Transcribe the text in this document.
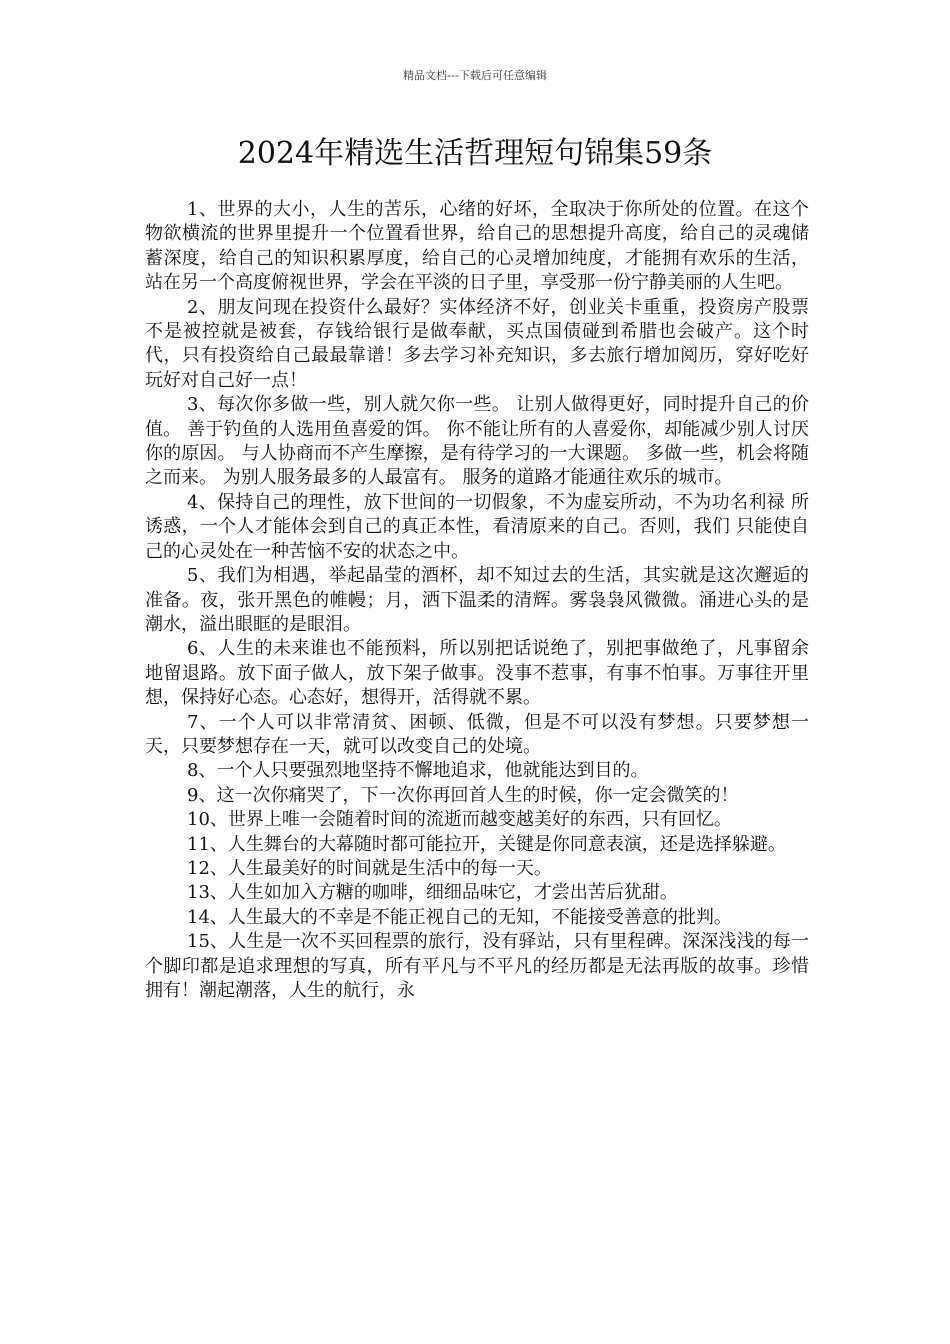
精品文档---下载后可任意编辑
2024年精选生活哲理短句锦集59条

1、世界的大小，人生的苦乐，心绪的好坏，全取决于你所处的位置。在这个物欲横流的世界里提升一个位置看世界，给自己的思想提升高度，给自己的灵魂储蓄深度，给自己的知识积累厚度，给自己的心灵增加纯度，才能拥有欢乐的生活，站在另一个高度俯视世界，学会在平淡的日子里，享受那一份宁静美丽的人生吧。

2、朋友问现在投资什么最好？实体经济不好，创业关卡重重，投资房产股票不是被控就是被套，存钱给银行是做奉献，买点国债碰到希腊也会破产。这个时代，只有投资给自己最最靠谱！多去学习补充知识，多去旅行增加阅历，穿好吃好玩好对自己好一点！

3、每次你多做一些，别人就欠你一些。 让别人做得更好，同时提升自己的价值。 善于钓鱼的人选用鱼喜爱的饵。 你不能让所有的人喜爱你，却能减少别人讨厌你的原因。 与人协商而不产生摩擦，是有待学习的一大课题。 多做一些，机会将随之而来。 为别人服务最多的人最富有。 服务的道路才能通往欢乐的城市。

4、保持自己的理性，放下世间的一切假象，不为虚妄所动，不为功名利禄 所诱惑，一个人才能体会到自己的真正本性，看清原来的自己。否则，我们 只能使自己的心灵处在一种苦恼不安的状态之中。

5、我们为相遇，举起晶莹的酒杯，却不知过去的生活，其实就是这次邂逅的准备。夜，张开黑色的帷幔；月，洒下温柔的清辉。雾袅袅风微微。涌进心头的是潮水，溢出眼眶的是眼泪。

6、人生的未来谁也不能预料，所以别把话说绝了，别把事做绝了，凡事留余地留退路。放下面子做人，放下架子做事。没事不惹事，有事不怕事。万事往开里想，保持好心态。心态好，想得开，活得就不累。

7、一个人可以非常清贫、困顿、低微，但是不可以没有梦想。只要梦想一天，只要梦想存在一天，就可以改变自己的处境。

8、一个人只要强烈地坚持不懈地追求，他就能达到目的。

9、这一次你痛哭了，下一次你再回首人生的时候，你一定会微笑的！

10、世界上唯一会随着时间的流逝而越变越美好的东西，只有回忆。

11、人生舞台的大幕随时都可能拉开，关键是你同意表演，还是选择躲避。

12、人生最美好的时间就是生活中的每一天。

13、人生如加入方糖的咖啡，细细品味它，才尝出苦后犹甜。

14、人生最大的不幸是不能正视自己的无知，不能接受善意的批判。

15、人生是一次不买回程票的旅行，没有驿站，只有里程碑。深深浅浅的每一个脚印都是追求理想的写真，所有平凡与不平凡的经历都是无法再版的故事。珍惜拥有！潮起潮落，人生的航行，永
